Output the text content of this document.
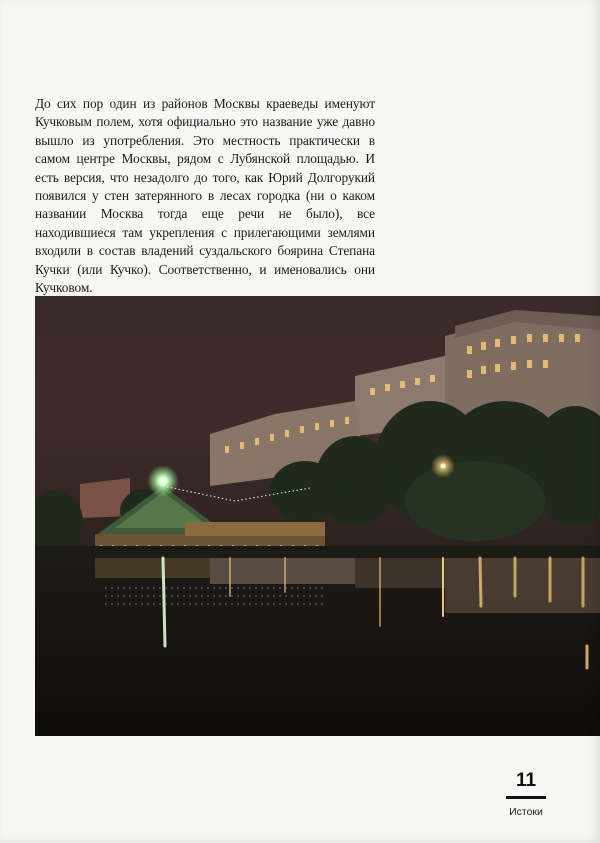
До сих пор один из районов Москвы краеведы именуют Кучковым полем, хотя официально это название уже давно вышло из употребления. Это местность практически в самом центре Москвы, рядом с Лубянской площадью. И есть версия, что незадолго до того, как Юрий Долгорукий появился у стен затерянного в лесах городка (ни о каком названии Москва тогда еще речи не было), все находившиеся там укрепления с прилегающими землями входили в состав владений суздальского боярина Степана Кучки (или Кучко). Соответственно, и именовались они Кучковом.

11
Истоки
